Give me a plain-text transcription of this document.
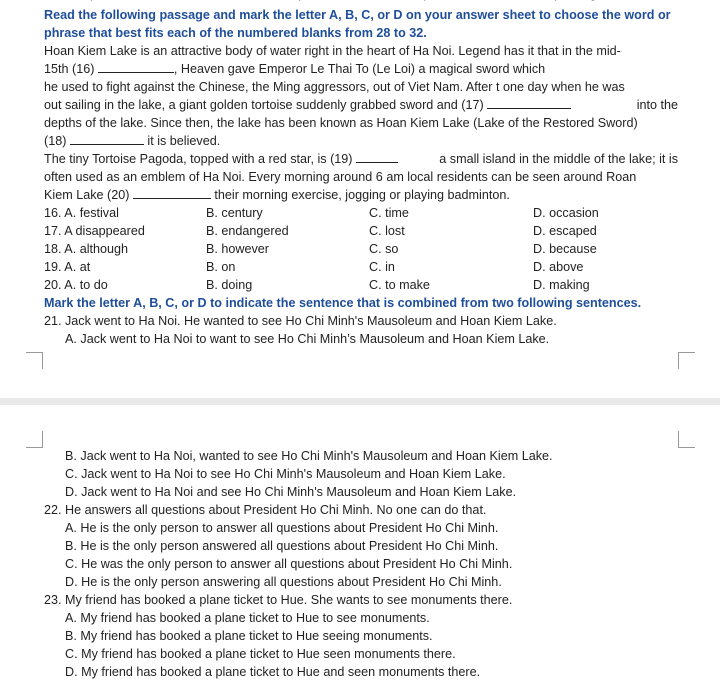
Read the following passage and mark the letter A, B, C, or D on your answer sheet to choose the word or phrase that best fits each of the numbered blanks from 28 to 32.
Hoan Kiem Lake is an attractive body of water right in the heart of Ha Noi. Legend has it that in the mid-
15th (16)	, Heaven gave Emperor Le Thai To (Le Loi) a magical sword which
he used to fight against the Chinese, the Ming aggressors, out of Viet Nam. After t one day when he was
out sailing in the lake, a giant golden tortoise suddenly grabbed sword and (17)	into the
depths of the lake. Since then, the lake has been known as Hoan Kiem Lake (Lake of the Restored Sword)
(18)	it is believed.
The tiny Tortoise Pagoda, topped with a red star, is (19)	a small island in the middle of the lake; it is
often used as an emblem of Ha Noi. Every morning around 6 am local residents can be seen around Roan
Kiem Lake (20)	their morning exercise, jogging or playing badminton.
16. A. festival	B. century	C. time	D. occasion
17. A disappeared	B. endangered	C. lost	D. escaped
18. A. although	B. however	C. so	D. because
19. A. at	B. on	C. in	D. above
20. A. to do	B. doing	C. to make	D. making
Mark the letter A, B, C, or D to indicate the sentence that is combined from two following sentences.
21. Jack went to Ha Noi. He wanted to see Ho Chi Minh's Mausoleum and Hoan Kiem Lake.
A. Jack went to Ha Noi to want to see Ho Chi Minh’s Mausoleum and Hoan Kiem Lake.
B. Jack went to Ha Noi, wanted to see Ho Chi Minh's Mausoleum and Hoan Kiem Lake.
C. Jack went to Ha Noi to see Ho Chi Minh's Mausoleum and Hoan Kiem Lake.
D. Jack went to Ha Noi and see Ho Chi Minh's Mausoleum and Hoan Kiem Lake.
22. He answers all questions about President Ho Chi Minh. No one can do that.
A. He is the only person to answer all questions about President Ho Chi Minh.
B. He is the only person answered all questions about President Ho Chi Minh.
C. He was the only person to answer all questions about President Ho Chi Minh.
D. He is the only person answering all questions about President Ho Chi Minh.
23. My friend has booked a plane ticket to Hue. She wants to see monuments there.
A. My friend has booked a plane ticket to Hue to see monuments.
B. My friend has booked a plane ticket to Hue seeing monuments.
C. My friend has booked a plane ticket to Hue seen monuments there.
D. My friend has booked a plane ticket to Hue and seen monuments there.
